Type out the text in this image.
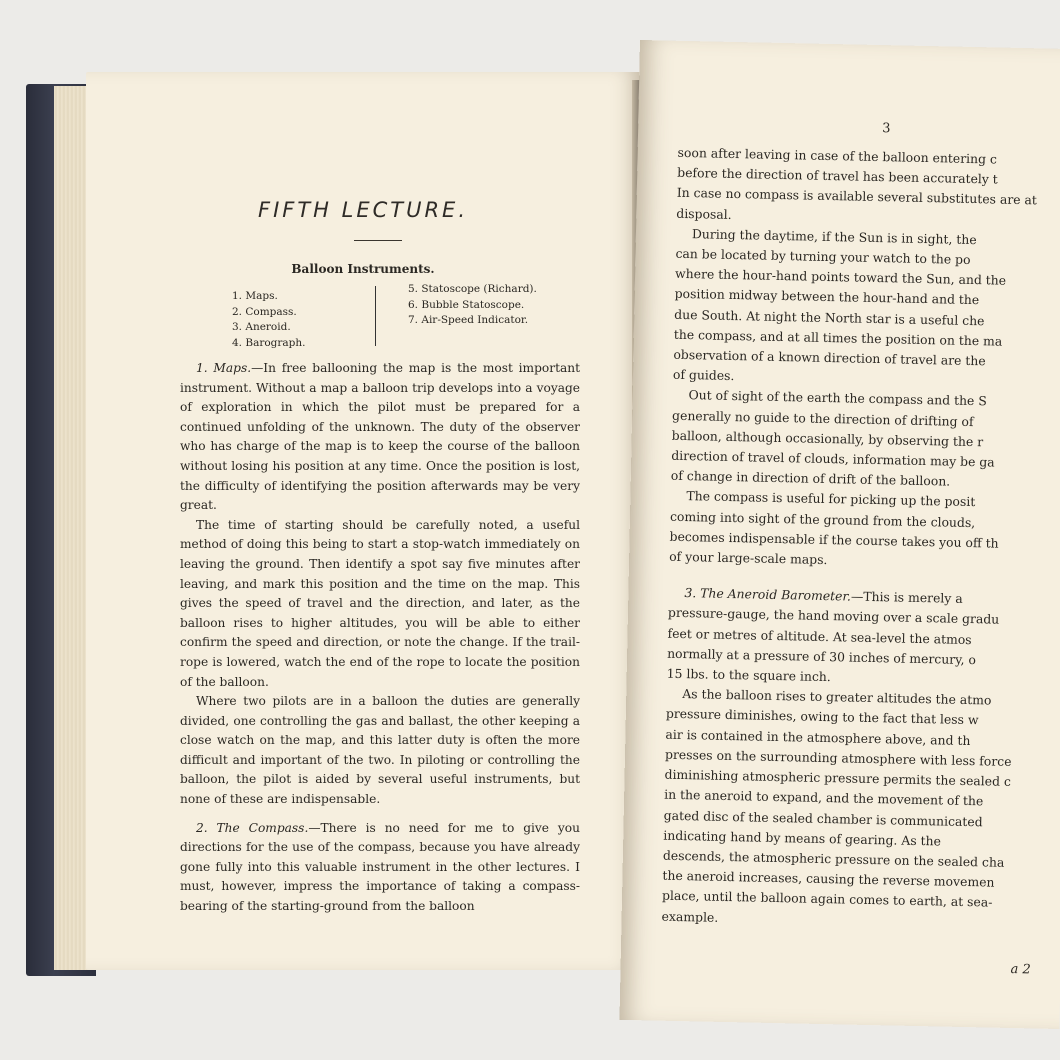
FIFTH LECTURE.
Balloon Instruments.
1. Maps.
2. Compass.
3. Aneroid.
4. Barograph.
5. Statoscope (Richard).
6. Bubble Statoscope.
7. Air-Speed Indicator.

1. Maps.—In free ballooning the map is the most important instrument. Without a map a balloon trip develops into a voyage of exploration in which the pilot must be prepared for a continued unfolding of the unknown. The duty of the observer who has charge of the map is to keep the course of the balloon without losing his position at any time. Once the position is lost, the difficulty of identifying the position afterwards may be very great.

The time of starting should be carefully noted, a useful method of doing this being to start a stop-watch immediately on leaving the ground. Then identify a spot say five minutes after leaving, and mark this position and the time on the map. This gives the speed of travel and the direction, and later, as the balloon rises to higher altitudes, you will be able to either confirm the speed and direction, or note the change. If the trail-rope is lowered, watch the end of the rope to locate the position of the balloon.

Where two pilots are in a balloon the duties are generally divided, one controlling the gas and ballast, the other keeping a close watch on the map, and this latter duty is often the more difficult and important of the two. In piloting or controlling the balloon, the pilot is aided by several useful instruments, but none of these are indispensable.

2. The Compass.—There is no need for me to give you directions for the use of the compass, because you have already gone fully into this valuable instrument in the other lectures. I must, however, impress the importance of taking a compass-bearing of the starting-ground from the balloon

3

soon after leaving in case of the balloon entering c

before the direction of travel has been accurately t

In case no compass is available several substitutes are at

disposal.

During the daytime, if the Sun is in sight, the

can be located by turning your watch to the po

where the hour-hand points toward the Sun, and the

position midway between the hour-hand and the

due South. At night the North star is a useful che

the compass, and at all times the position on the ma

observation of a known direction of travel are the

of guides.

Out of sight of the earth the compass and the S

generally no guide to the direction of drifting of

balloon, although occasionally, by observing the r

direction of travel of clouds, information may be ga

of change in direction of drift of the balloon.

The compass is useful for picking up the posit

coming into sight of the ground from the clouds,

becomes indispensable if the course takes you off th

of your large-scale maps.

3. The Aneroid Barometer.—This is merely a

pressure-gauge, the hand moving over a scale gradu

feet or metres of altitude. At sea-level the atmos

normally at a pressure of 30 inches of mercury, o

15 lbs. to the square inch.

As the balloon rises to greater altitudes the atmo

pressure diminishes, owing to the fact that less w

air is contained in the atmosphere above, and th

presses on the surrounding atmosphere with less force

diminishing atmospheric pressure permits the sealed c

in the aneroid to expand, and the movement of the

gated disc of the sealed chamber is communicated

indicating hand by means of gearing. As the

descends, the atmospheric pressure on the sealed cha

the aneroid increases, causing the reverse movemen

place, until the balloon again comes to earth, at sea-

example.

a 2
